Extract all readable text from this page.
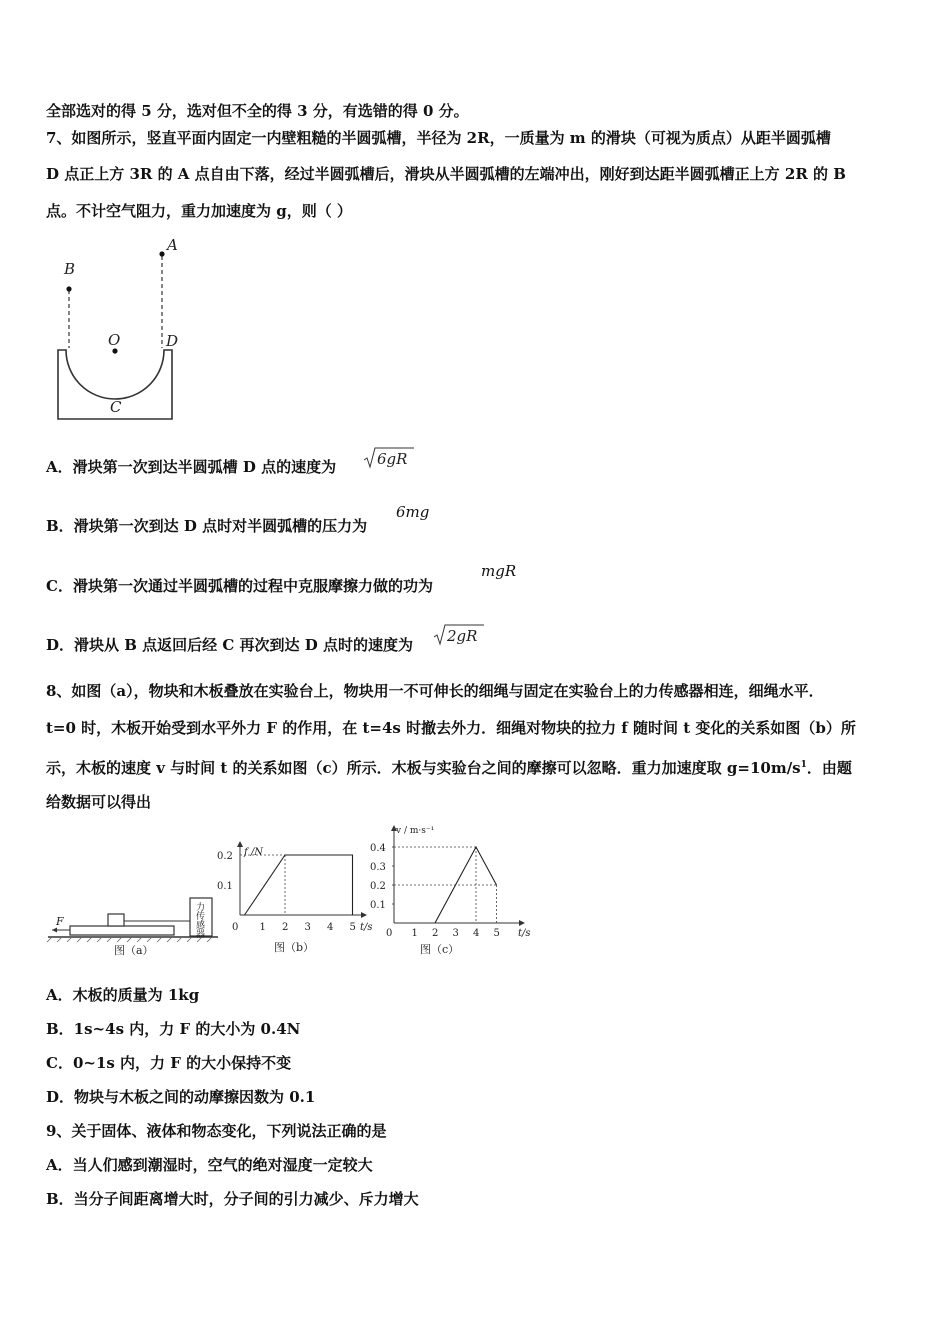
全部选对的得 5 分，选对但不全的得 3 分，有选错的得 0 分。
7、如图所示，竖直平面内固定一内壁粗糙的半圆弧槽，半径为 2R，一质量为 m 的滑块（可视为质点）从距半圆弧槽
D 点正上方 3R 的 A 点自由下落，经过半圆弧槽后，滑块从半圆弧槽的左端冲出，刚好到达距半圆弧槽正上方 2R 的 B
点。不计空气阻力，重力加速度为 g，则（ ）
A
B
O	D
C
A．滑块第一次到达半圆弧槽 D 点的速度为	6gR
B．滑块第一次到达 D 点时对半圆弧槽的压力为
6mg
C．滑块第一次通过半圆弧槽的过程中克服摩擦力做的功为
mgR
D．滑块从 B 点返回后经 C 再次到达 D 点时的速度为 2gR
8、如图（a），物块和木板叠放在实验台上，物块用一不可伸长的细绳与固定在实验台上的力传感器相连，细绳水平．
t=0 时，木板开始受到水平外力 F 的作用，在 t=4s 时撤去外力．细绳对物块的拉力 f 随时间 t 变化的关系如图（b）所
示，木板的速度 v 与时间 t 的关系如图（c）所示．木板与实验台之间的摩擦可以忽略．重力加速度取 $g=10m/s^1$．由题
给数据可以得出
力传感器
F
图（a）
f /N
t/s
0 1 2 3 4 5
0.2
0.1
图（b）
v / m·s⁻¹
t/s
0 1 2 3 4 5
0.4
0.3
0.2
0.1
图（c）
A．木板的质量为 1kg
B．1s~4s 内，力 F 的大小为 0.4N
C．0~1s 内，力 F 的大小保持不变
D．物块与木板之间的动摩擦因数为 0.1
9、关于固体、液体和物态变化，下列说法正确的是
A．当人们感到潮湿时，空气的绝对湿度一定较大
B．当分子间距离增大时，分子间的引力减少、斥力增大
